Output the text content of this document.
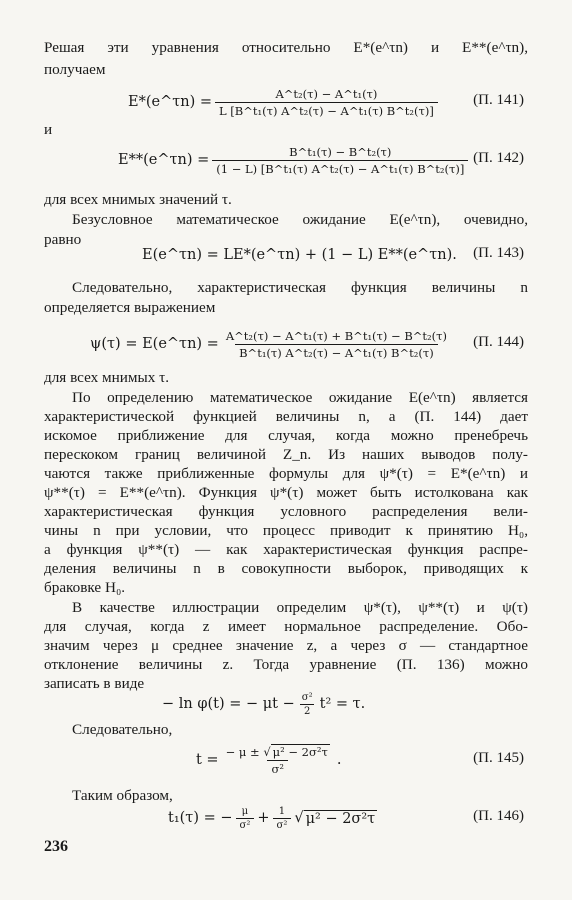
Решая эти уравнения относительно E*(e^τn) и E**(e^τn),
получаем
E*(e^τn) = $\frac{\text{A\textasciicircum{}t₂(τ) − A\textasciicircum{}t₁(τ)}}{\text{L [B\textasciicircum{}t₁(τ) A\textasciicircum{}t₂(τ) − A\textasciicircum{}t₁(τ) B\textasciicircum{}t₂(τ)]}} (П$. 141)
и
E**(e^τn) = $\frac{\text{B\textasciicircum{}t₁(τ) − B\textasciicircum{}t₂(τ)}}{\text{(1 − L) [B\textasciicircum{}t₁(τ) A\textasciicircum{}t₂(τ) − A\textasciicircum{}t₁(τ) B\textasciicircum{}t₂(τ)]}} (П$. 142)
для всех мнимых значений τ.
Безусловное математическое ожидание E(e^τn), очевидно,
равно
E(e^τn) = LE*(e^τn) + (1 − L) E**(e^τn). (П. 143)
Следовательно, характеристическая функция величины n
определяется выражением
ψ(τ) = E(e^τn) = $\frac{\text{A\textasciicircum{}t₂(τ) − A\textasciicircum{}t₁(τ) + B\textasciicircum{}t₁(τ) − B\textasciicircum{}t₂(τ)}}{\text{B\textasciicircum{}t₁(τ) A\textasciicircum{}t₂(τ) − A\textasciicircum{}t₁(τ) B\textasciicircum{}t₂(τ)}} (П$. 144)
для всех мнимых τ.
По определению математическое ожидание E(e^τn) является
характеристической функцией величины n, а (П. 144) дает
искомое приближение для случая, когда можно пренебречь
перескоком границ величиной Z_n. Из наших выводов полу-
чаются также приближенные формулы для ψ*(τ) = E*(e^τn) и
ψ**(τ) = E**(e^τn). Функция ψ*(τ) может быть истолкована как
характеристическая функция условного распределения вели-
чины n при условии, что процесс приводит к принятию H₀,
а функция ψ**(τ) — как характеристическая функция распре-
деления величины n в совокупности выборок, приводящих к
браковке H₀.
В качестве иллюстрации определим ψ*(τ), ψ**(τ) и ψ(τ)
для случая, когда z имеет нормальное распределение. Обо-
значим через μ среднее значение z, а через σ — стандартное
отклонение величины z. Тогда уравнение (П. 136) можно
записать в виде
− ln φ(t) = − $\mu t - \frac{\text{σ²}}{2} t^2 = \tau$.
Следовательно,
$t = \frac{\text{− μ ± √ μ² − 2σ²τ}}{\text{σ²}}$ .	(П. 145)
Таким образом,
t₁(τ) = − $\frac{\mu}{\text{σ²}} + \frac{1}{\text{σ²}}$ √ μ² − 2σ²τ	(П. 146)
236
